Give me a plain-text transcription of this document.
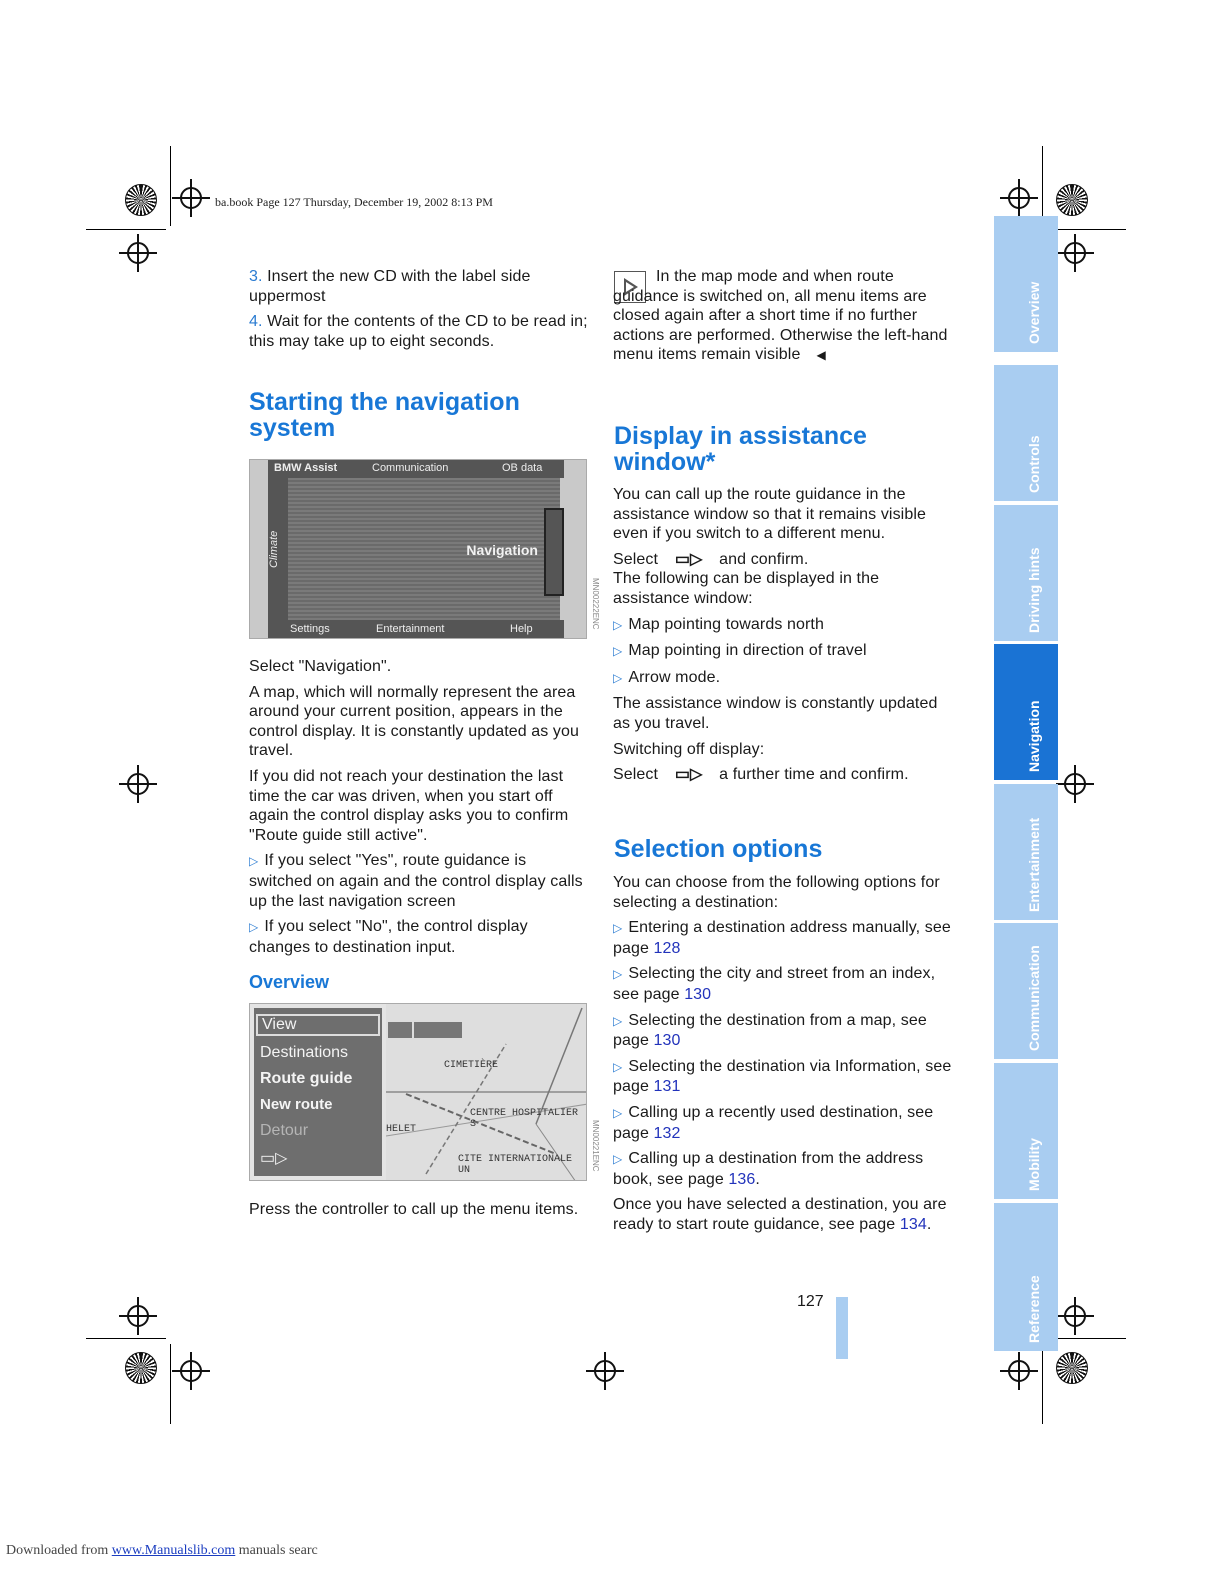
ba.book Page 127 Thursday, December 19, 2002 8:13 PM

3. Insert the new CD with the label side uppermost

4. Wait for the contents of the CD to be read in; this may take up to eight seconds.

Starting the navigation system
BMW Assist	Communication	OB data
Climate	Navigation
Settings	Entertainment	Help	MN00222ENC

Select "Navigation".

A map, which will normally represent the area around your current position, appears in the control display. It is constantly updated as you travel.

If you did not reach your destination the last time the car was driven, when you start off again the control display asks you to confirm "Route guide still active".

▷ If you select "Yes", route guidance is switched on again and the control display calls up the last navigation screen

▷ If you select "No", the control display changes to destination input.

Overview
View
Destinations
Route guide
New route
Detour
▭▷
CIMETIÈRE
CENTRE HOSPITALIER S
HELET
CITE INTERNATIONALE UN	MN00221ENC
Press the controller to call up the menu items.
In the map mode and when route guidance is switched on, all menu items are closed again after a short time if no further actions are performed. Otherwise the left-hand menu items remain visible ◀
Display in assistance window*

You can call up the route guidance in the assistance window so that it remains visible even if you switch to a different menu.

Select ▭▷ and confirm.

The following can be displayed in the assistance window:

▷ Map pointing towards north

▷ Map pointing in direction of travel

▷ Arrow mode.

The assistance window is constantly updated as you travel.

Switching off display:

Select ▭▷ a further time and confirm.

Selection options

You can choose from the following options for selecting a destination:

▷ Entering a destination address manually, see page 128

▷ Selecting the city and street from an index, see page 130

▷ Selecting the destination from a map, see page 130

▷ Selecting the destination via Information, see page 131

▷ Calling up a recently used destination, see page 132

▷ Calling up a destination from the address book, see page 136.

Once you have selected a destination, you are ready to start route guidance, see page 134.

Overview
Controls
Driving hints
Navigation
Entertainment
Communication
Mobility
Reference
127
Downloaded from www.Manualslib.com manuals searc
